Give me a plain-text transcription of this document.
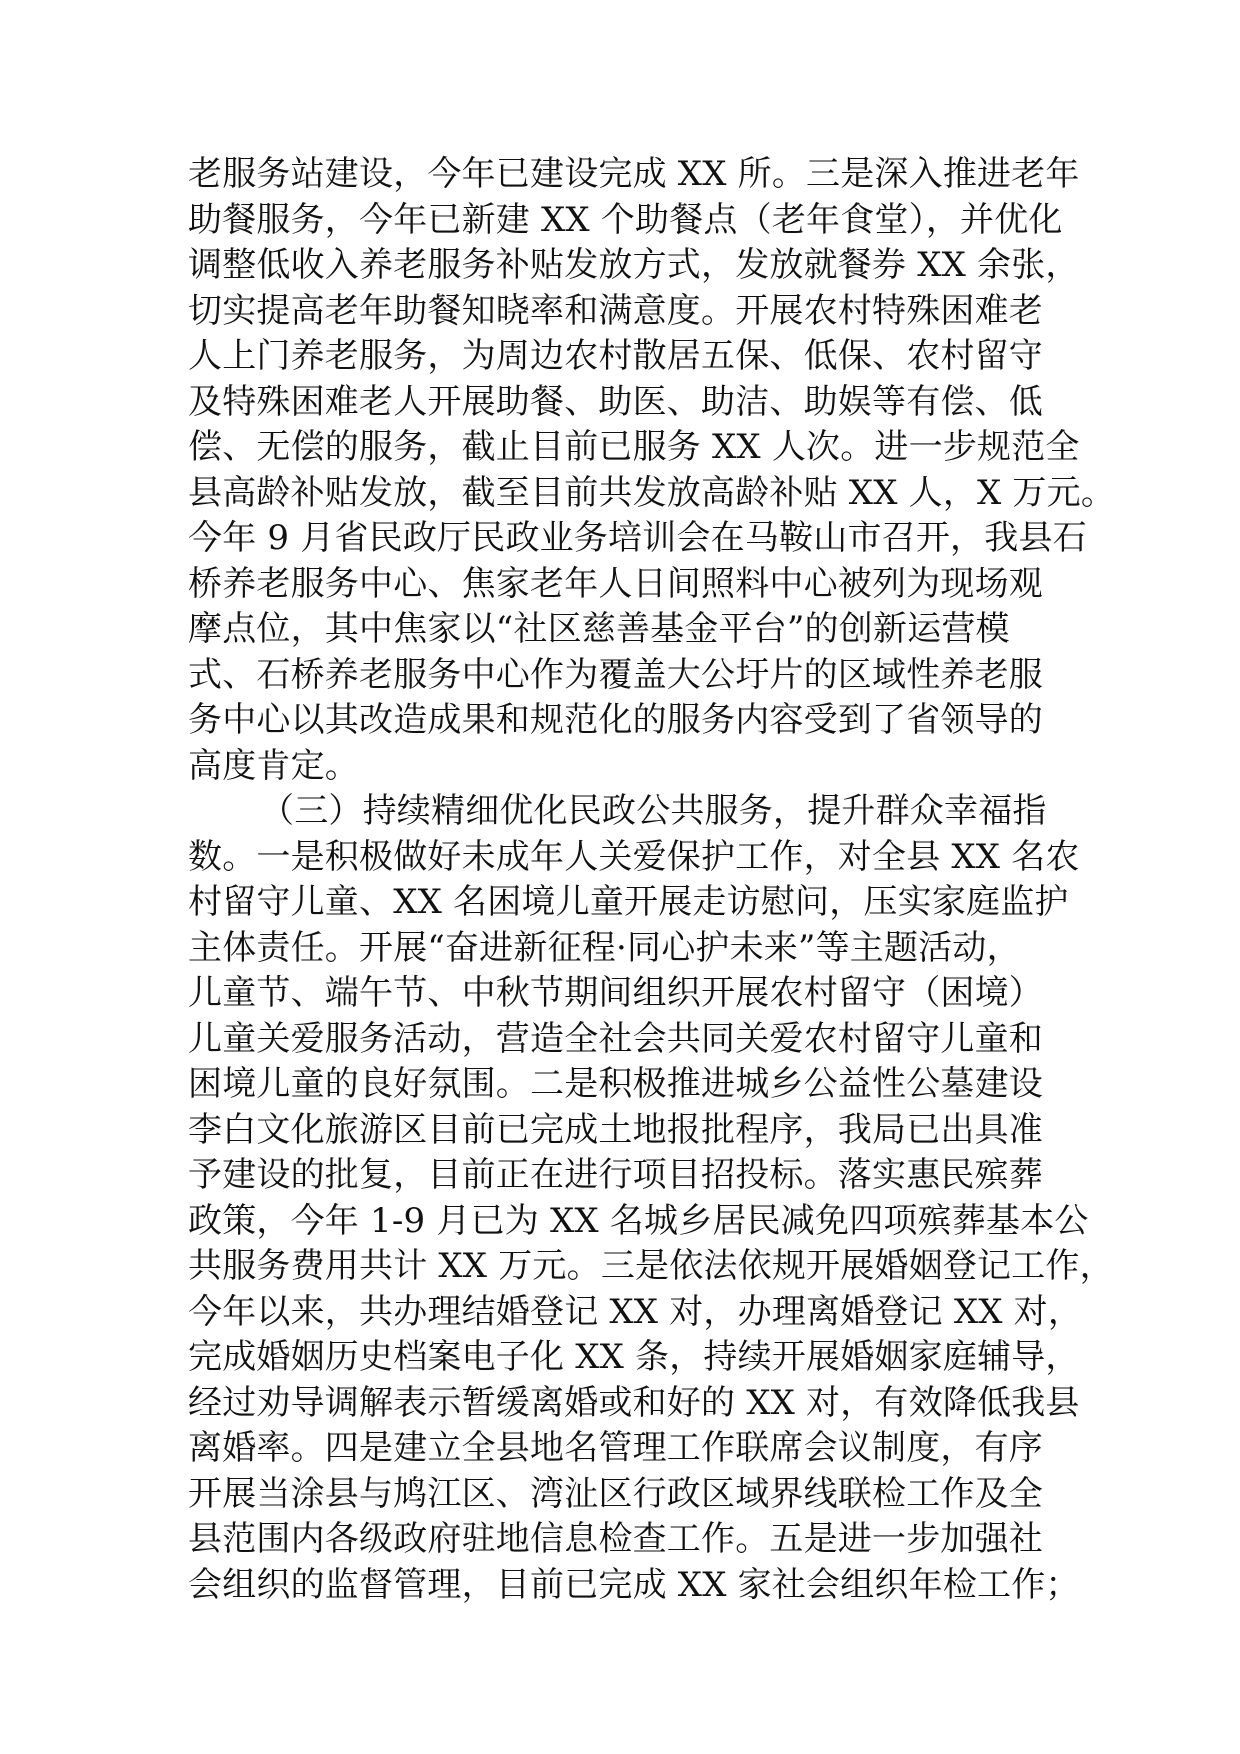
老服务站建设，今年已建设完成 XX 所。三是深入推进老年
助餐服务，今年已新建 XX 个助餐点（老年食堂），并优化
调整低收入养老服务补贴发放方式，发放就餐券 XX 余张，
切实提高老年助餐知晓率和满意度。开展农村特殊困难老
人上门养老服务，为周边农村散居五保、低保、农村留守
及特殊困难老人开展助餐、助医、助洁、助娱等有偿、低
偿、无偿的服务，截止目前已服务 XX 人次。进一步规范全
县高龄补贴发放，截至目前共发放高龄补贴 XX 人，X 万元。
今年 9 月省民政厅民政业务培训会在马鞍山市召开，我县石
桥养老服务中心、焦家老年人日间照料中心被列为现场观
摩点位，其中焦家以“社区慈善基金平台”的创新运营模
式、石桥养老服务中心作为覆盖大公圩片的区域性养老服
务中心以其改造成果和规范化的服务内容受到了省领导的
高度肯定。
（三）持续精细优化民政公共服务，提升群众幸福指
数。一是积极做好未成年人关爱保护工作，对全县 XX 名农
村留守儿童、XX 名困境儿童开展走访慰问，压实家庭监护
主体责任。开展“奋进新征程·同心护未来”等主题活动，
儿童节、端午节、中秋节期间组织开展农村留守（困境）
儿童关爱服务活动，营造全社会共同关爱农村留守儿童和
困境儿童的良好氛围。二是积极推进城乡公益性公墓建设
李白文化旅游区目前已完成土地报批程序，我局已出具准
予建设的批复，目前正在进行项目招投标。落实惠民殡葬
政策，今年 1-9 月已为 XX 名城乡居民减免四项殡葬基本公
共服务费用共计 XX 万元。三是依法依规开展婚姻登记工作，
今年以来，共办理结婚登记 XX 对，办理离婚登记 XX 对，
完成婚姻历史档案电子化 XX 条，持续开展婚姻家庭辅导，
经过劝导调解表示暂缓离婚或和好的 XX 对，有效降低我县
离婚率。四是建立全县地名管理工作联席会议制度，有序
开展当涂县与鸠江区、湾沚区行政区域界线联检工作及全
县范围内各级政府驻地信息检查工作。五是进一步加强社
会组织的监督管理，目前已完成 XX 家社会组织年检工作；
